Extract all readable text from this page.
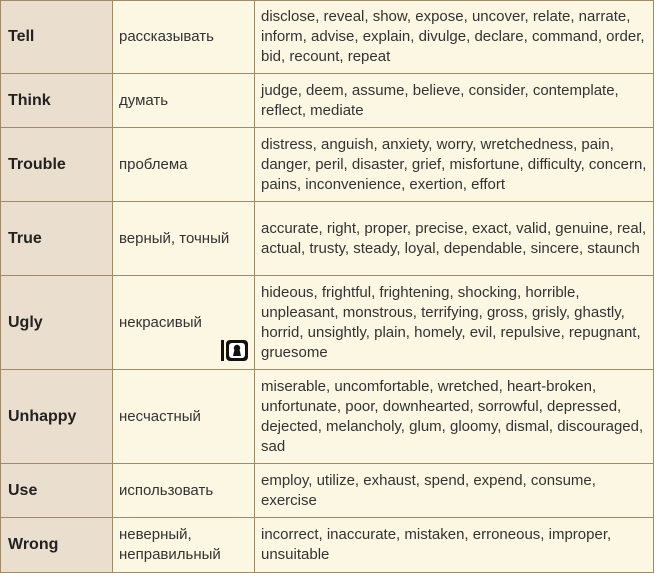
Tell	рассказывать	disclose, reveal, show, expose, uncover, relate, narrate, inform, advise, explain, divulge, declare, command, order, bid, recount, repeat

Think	думать	judge, deem, assume, believe, consider, contemplate, reflect, mediate

Trouble	проблема	distress, anguish, anxiety, worry, wretchedness, pain, danger, peril, disaster, grief, misfortune, difficulty, concern, pains, inconvenience, exertion, effort

True	верный, точный	accurate, right, proper, precise, exact, valid, genuine, real, actual, trusty, steady, loyal, dependable, sincere, staunch

Ugly	некрасивый	hideous, frightful, frightening, shocking, horrible, unpleasant, monstrous, terrifying, gross, grisly, ghastly, horrid, unsightly, plain, homely, evil, repulsive, repugnant, gruesome

Unhappy	несчастный	miserable, uncomfortable, wretched, heart-broken, unfortunate, poor, downhearted, sorrowful, depressed, dejected, melancholy, glum, gloomy, dismal, discouraged, sad

Use	использовать	employ, utilize, exhaust, spend, expend, consume, exercise

Wrong	неверный, неправильный	incorrect, inaccurate, mistaken, erroneous, improper, unsuitable
